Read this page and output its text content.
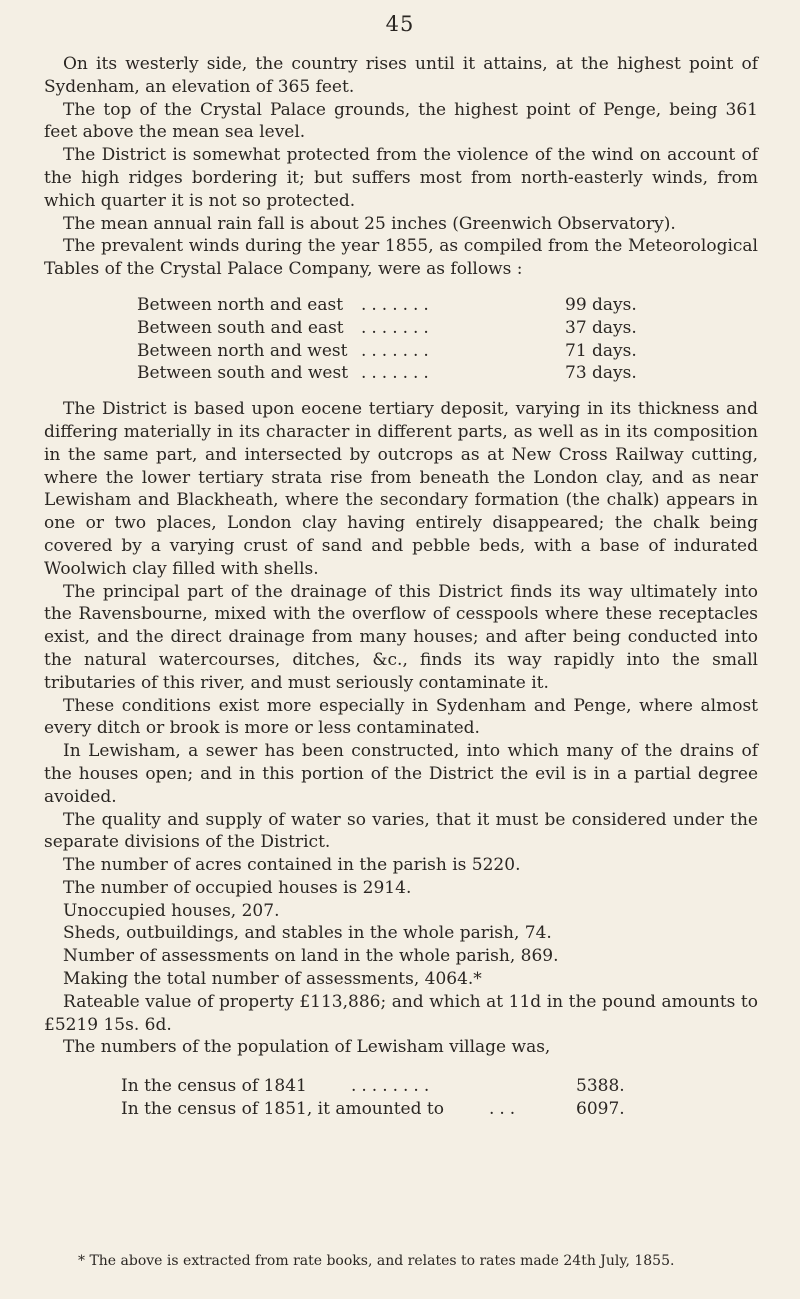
45

On its westerly side, the country rises until it attains, at the highest point of Sydenham, an elevation of 365 feet.

The top of the Crystal Palace grounds, the highest point of Penge, being 361 feet above the mean sea level.

The District is somewhat protected from the violence of the wind on account of the high ridges bordering it; but suffers most from north-easterly winds, from which quarter it is not so protected.

The mean annual rain fall is about 25 inches (Greenwich Observatory).

The prevalent winds during the year 1855, as compiled from the Meteorological Tables of the Crystal Palace Company, were as follows :

Between north and east .......	99 days.
Between south and east .......	37 days.
Between north and west .......	71 days.
Between south and west .......	73 days.

The District is based upon eocene tertiary deposit, varying in its thickness and differing materially in its character in different parts, as well as in its composition in the same part, and intersected by outcrops as at New Cross Railway cutting, where the lower tertiary strata rise from beneath the London clay, and as near Lewisham and Blackheath, where the secondary formation (the chalk) appears in one or two places, London clay having entirely disappeared; the chalk being covered by a varying crust of sand and pebble beds, with a base of indurated Woolwich clay filled with shells.

The principal part of the drainage of this District finds its way ultimately into the Ravensbourne, mixed with the overflow of cesspools where these receptacles exist, and the direct drainage from many houses; and after being conducted into the natural watercourses, ditches, &c., finds its way rapidly into the small tributaries of this river, and must seriously contaminate it.

These conditions exist more especially in Sydenham and Penge, where almost every ditch or brook is more or less contaminated.

In Lewisham, a sewer has been constructed, into which many of the drains of the houses open; and in this portion of the District the evil is in a partial degree avoided.

The quality and supply of water so varies, that it must be considered under the separate divisions of the District.

The number of acres contained in the parish is 5220.

The number of occupied houses is 2914.

Unoccupied houses, 207.

Sheds, outbuildings, and stables in the whole parish, 74.

Number of assessments on land in the whole parish, 869.

Making the total number of assessments, 4064.*

Rateable value of property £113,886; and which at 11d in the pound amounts to £5219 15s. 6d.

The numbers of the population of Lewisham village was,

In the census of 1841	........	5388.
In the census of 1851, it amounted to	...	6097.
* The above is extracted from rate books, and relates to rates made 24th July, 1855.
